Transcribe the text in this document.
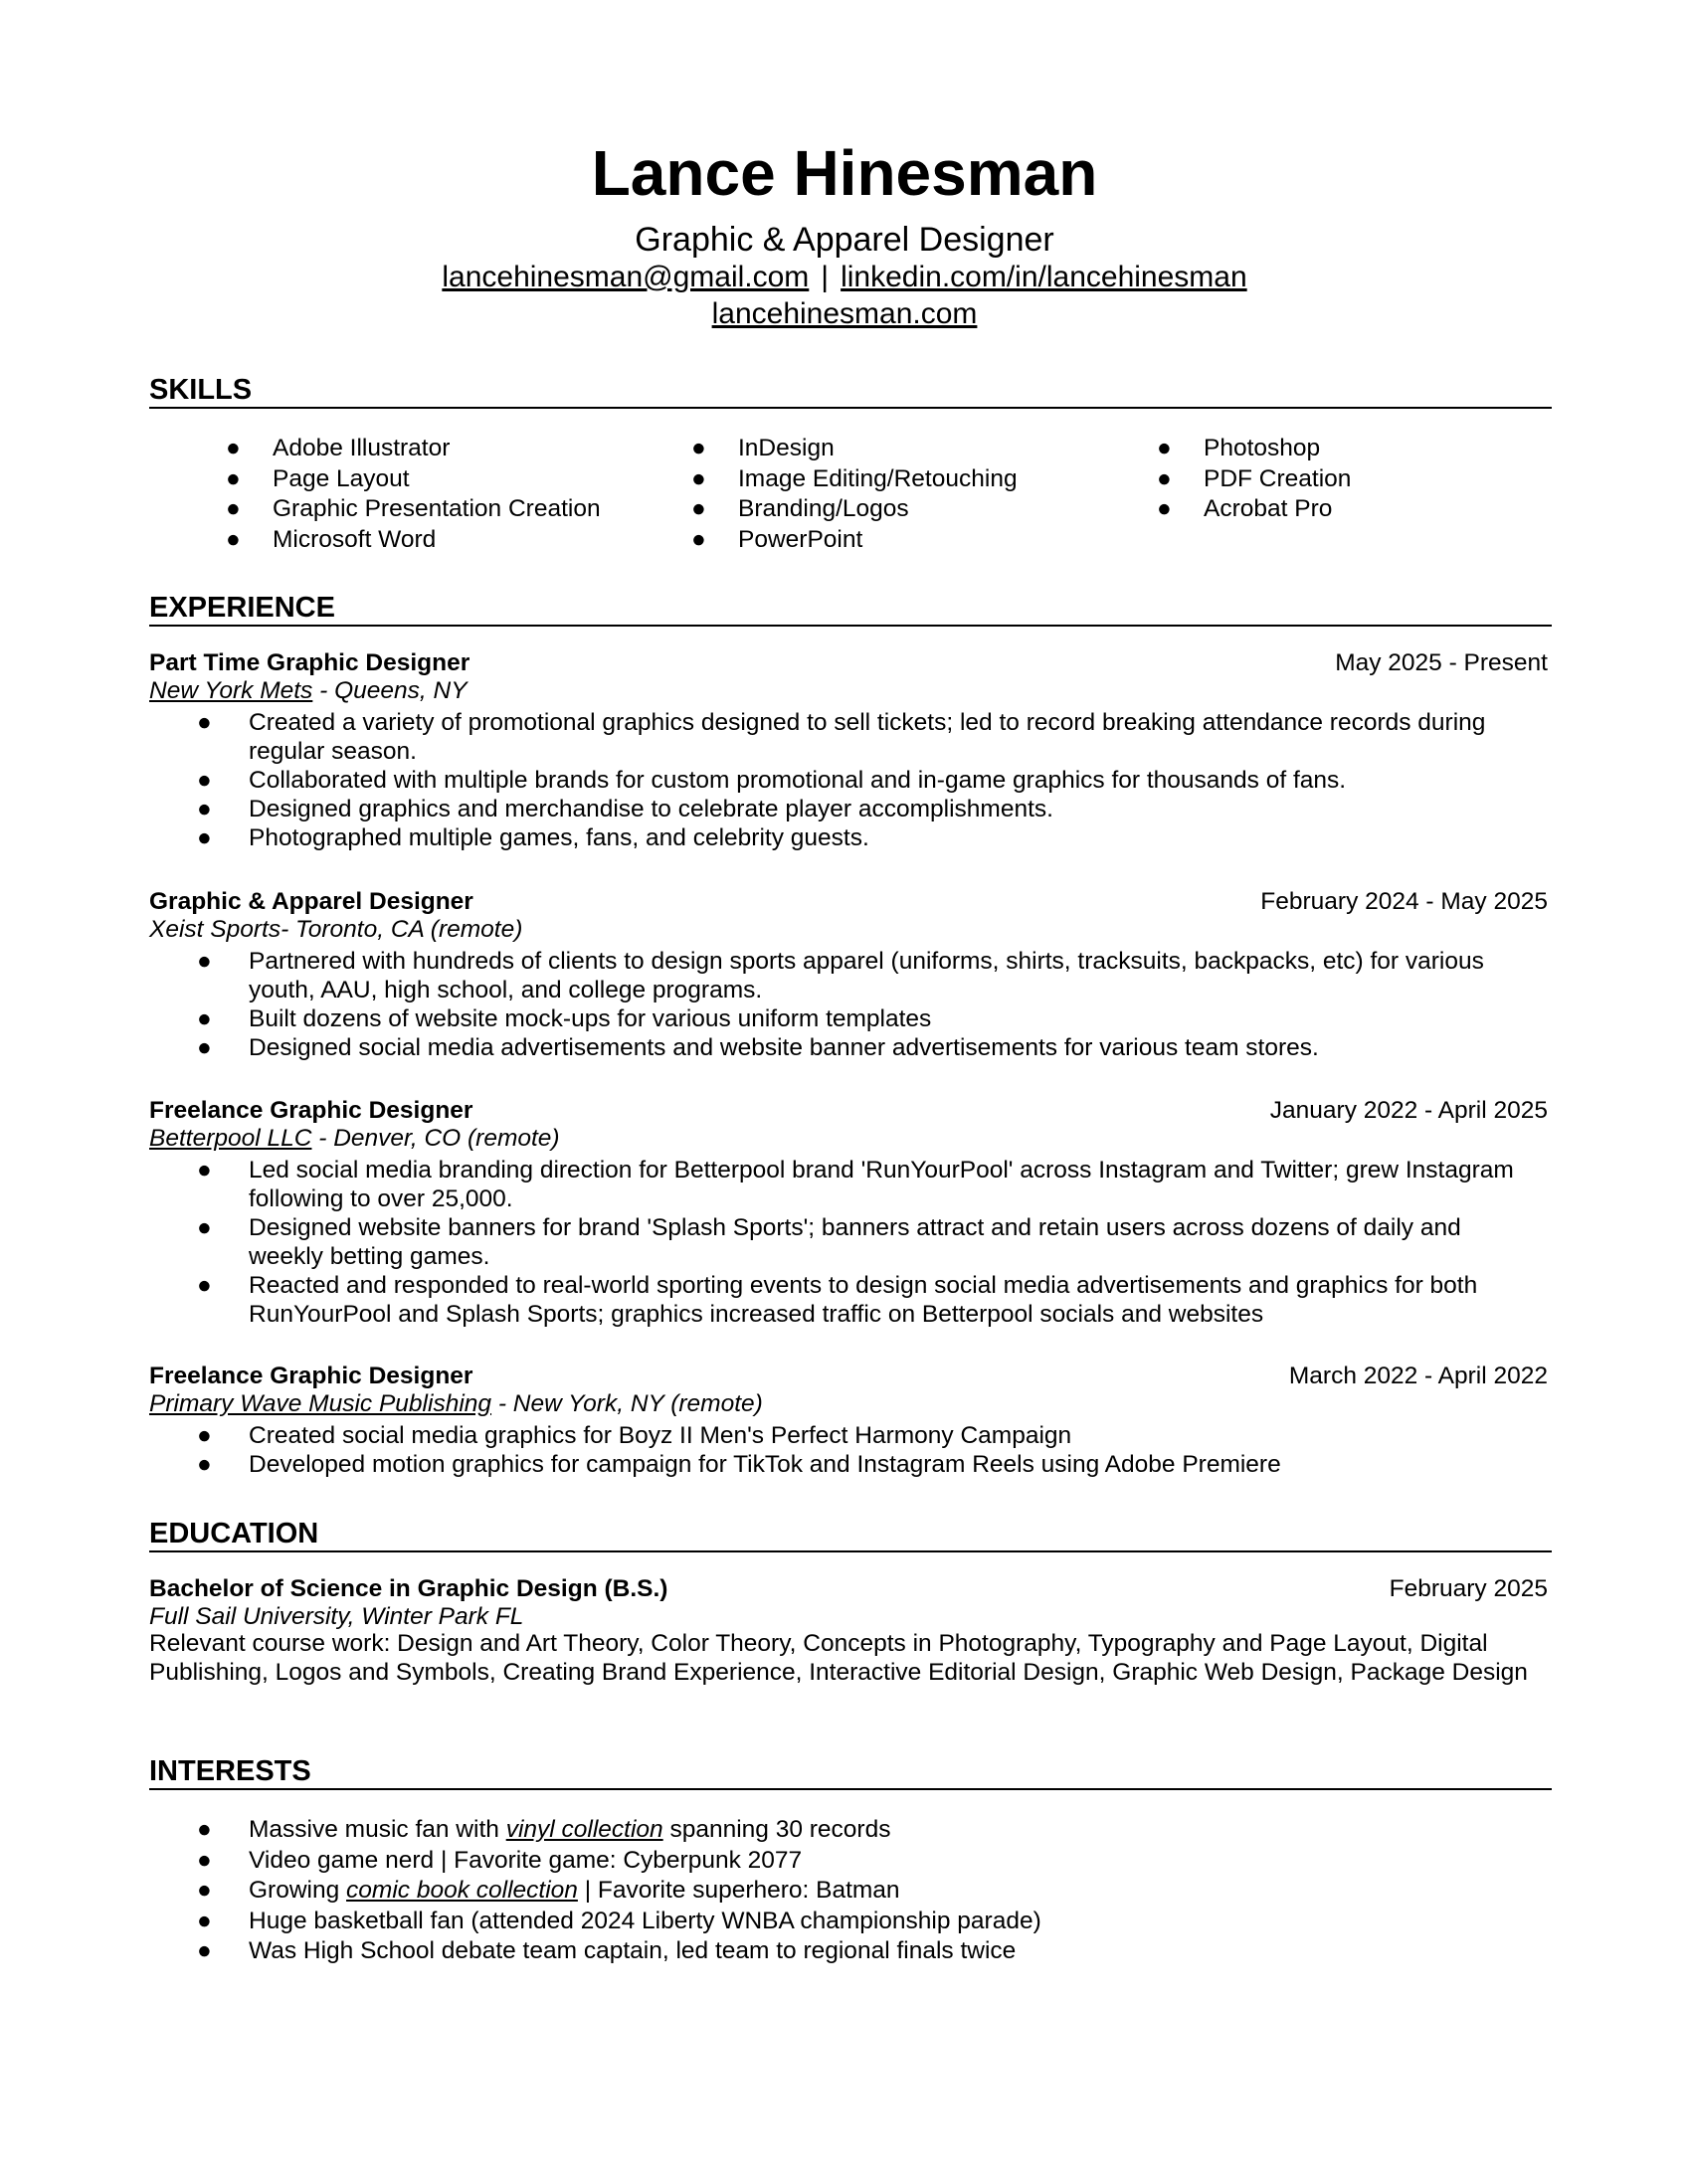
Lance Hinesman
Graphic & Apparel Designer
lancehinesman@gmail.com | linkedin.com/in/lancehinesman
lancehinesman.com
SKILLS
● Adobe Illustrator
● Page Layout
● Graphic Presentation Creation
● Microsoft Word
● InDesign
● Image Editing/Retouching
● Branding/Logos
● PowerPoint
● Photoshop
● PDF Creation
● Acrobat Pro
EXPERIENCE
Part Time Graphic Designer	May 2025 - Present
New York Mets - Queens, NY
● Created a variety of promotional graphics designed to sell tickets; led to record breaking attendance records during regular season.
● Collaborated with multiple brands for custom promotional and in-game graphics for thousands of fans.
● Designed graphics and merchandise to celebrate player accomplishments.
● Photographed multiple games, fans, and celebrity guests.
Graphic & Apparel Designer	February 2024 - May 2025
Xeist Sports- Toronto, CA (remote)
● Partnered with hundreds of clients to design sports apparel (uniforms, shirts, tracksuits, backpacks, etc) for various youth, AAU, high school, and college programs.
● Built dozens of website mock-ups for various uniform templates
● Designed social media advertisements and website banner advertisements for various team stores.
Freelance Graphic Designer	January 2022 - April 2025
Betterpool LLC - Denver, CO (remote)
● Led social media branding direction for Betterpool brand 'RunYourPool' across Instagram and Twitter; grew Instagram following to over 25,000.
● Designed website banners for brand 'Splash Sports'; banners attract and retain users across dozens of daily and weekly betting games.
● Reacted and responded to real-world sporting events to design social media advertisements and graphics for both RunYourPool and Splash Sports; graphics increased traffic on Betterpool socials and websites
Freelance Graphic Designer	March 2022 - April 2022
Primary Wave Music Publishing - New York, NY (remote)
● Created social media graphics for Boyz II Men's Perfect Harmony Campaign
● Developed motion graphics for campaign for TikTok and Instagram Reels using Adobe Premiere
EDUCATION
Bachelor of Science in Graphic Design (B.S.)	February 2025
Full Sail University, Winter Park FL
Relevant course work: Design and Art Theory, Color Theory, Concepts in Photography, Typography and Page Layout, Digital Publishing, Logos and Symbols, Creating Brand Experience, Interactive Editorial Design, Graphic Web Design, Package Design
INTERESTS
● Massive music fan with vinyl collection spanning 30 records
● Video game nerd | Favorite game: Cyberpunk 2077
● Growing comic book collection | Favorite superhero: Batman
● Huge basketball fan (attended 2024 Liberty WNBA championship parade)
● Was High School debate team captain, led team to regional finals twice
